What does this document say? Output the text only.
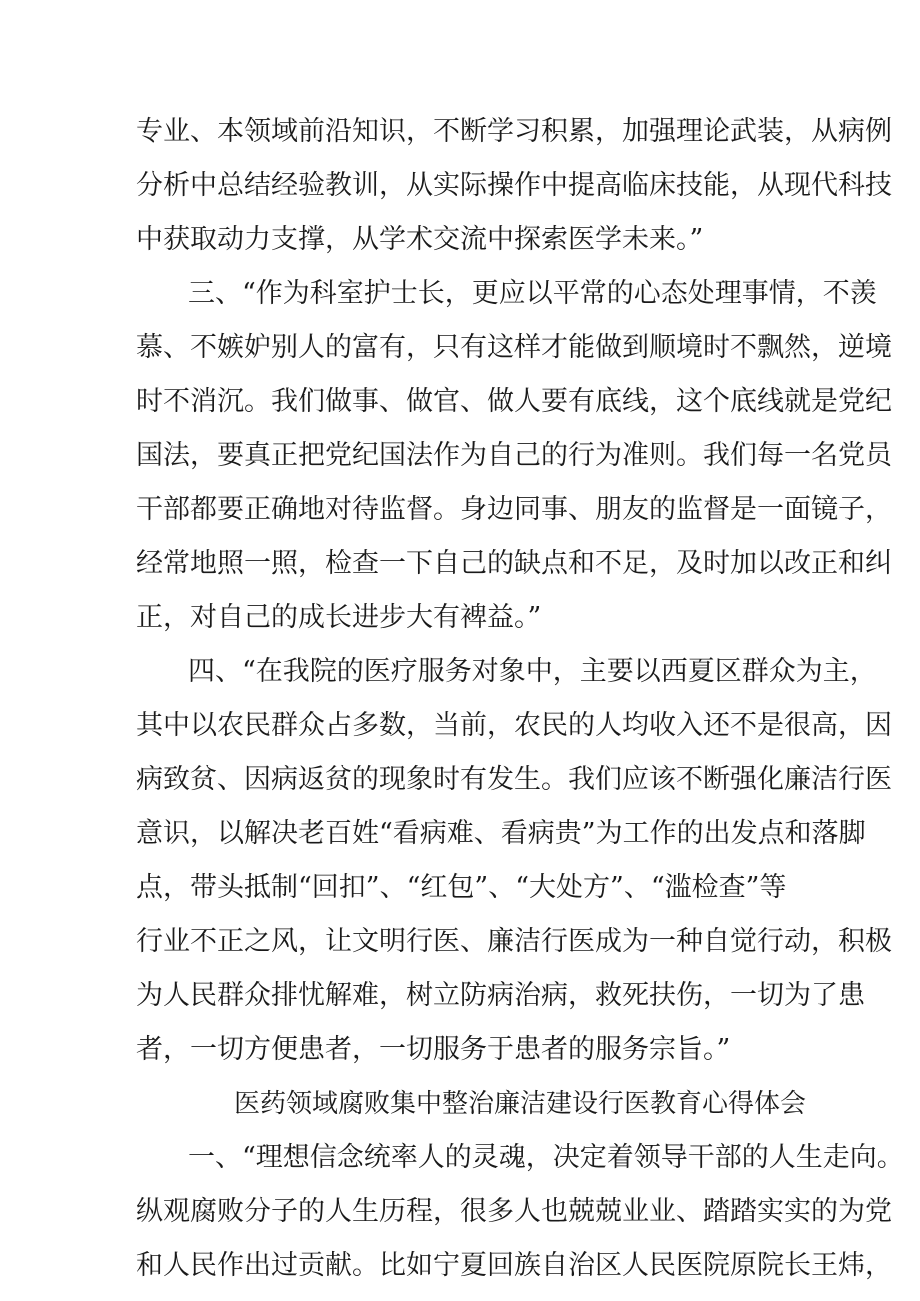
专业、本领域前沿知识，不断学习积累，加强理论武装，从病例
分析中总结经验教训，从实际操作中提高临床技能，从现代科技
中获取动力支撑，从学术交流中探索医学未来。”
三、“作为科室护士长，更应以平常的心态处理事情，不羡
慕、不嫉妒别人的富有，只有这样才能做到顺境时不飘然，逆境
时不消沉。我们做事、做官、做人要有底线，这个底线就是党纪
国法，要真正把党纪国法作为自己的行为准则。我们每一名党员
干部都要正确地对待监督。身边同事、朋友的监督是一面镜子，
经常地照一照，检查一下自己的缺点和不足，及时加以改正和纠
正，对自己的成长进步大有裨益。”
四、“在我院的医疗服务对象中，主要以西夏区群众为主，
其中以农民群众占多数，当前，农民的人均收入还不是很高，因
病致贫、因病返贫的现象时有发生。我们应该不断强化廉洁行医
意识，以解决老百姓“看病难、看病贵”为工作的出发点和落脚
点，带头抵制“回扣”、“红包”、“大处方”、“滥检查”等
行业不正之风，让文明行医、廉洁行医成为一种自觉行动，积极
为人民群众排忧解难，树立防病治病，救死扶伤，一切为了患
者，一切方便患者，一切服务于患者的服务宗旨。”
医药领域腐败集中整治廉洁建设行医教育心得体会
一、“理想信念统率人的灵魂，决定着领导干部的人生走向。
纵观腐败分子的人生历程，很多人也兢兢业业、踏踏实实的为党
和人民作出过贡献。比如宁夏回族自治区人民医院原院长王炜，
